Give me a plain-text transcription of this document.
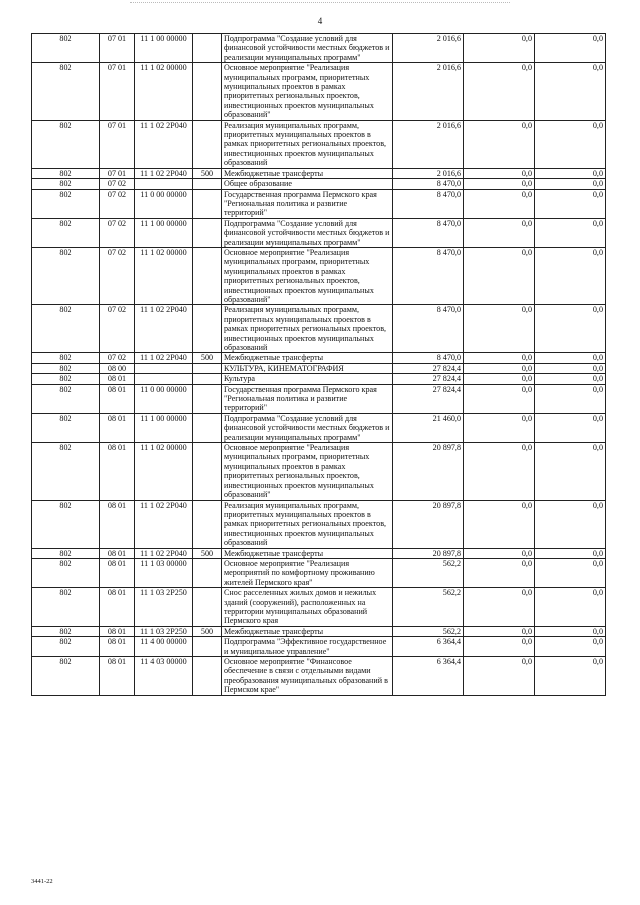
4
802	07 01	11 1 00 00000		Подпрограмма "Создание условий для финансовой устойчивости местных бюджетов и реализации муниципальных программ"	2 016,6	0,0	0,0
802	07 01	11 1 02 00000		Основное мероприятие "Реализация муниципальных программ, приоритетных муниципальных проектов в рамках приоритетных региональных проектов, инвестиционных проектов муниципальных образований"	2 016,6	0,0	0,0
802	07 01	11 1 02 2P040		Реализация муниципальных программ, приоритетных муниципальных проектов в рамках приоритетных региональных проектов, инвестиционных проектов муниципальных образований	2 016,6	0,0	0,0
802	07 01	11 1 02 2P040	500	Межбюджетные трансферты	2 016,6	0,0	0,0
802	07 02			Общее образование	8 470,0	0,0	0,0
802	07 02	11 0 00 00000		Государственная программа Пермского края "Региональная политика и развитие территорий"	8 470,0	0,0	0,0
802	07 02	11 1 00 00000		Подпрограмма "Создание условий для финансовой устойчивости местных бюджетов и реализации муниципальных программ"	8 470,0	0,0	0,0
802	07 02	11 1 02 00000		Основное мероприятие "Реализация муниципальных программ, приоритетных муниципальных проектов в рамках приоритетных региональных проектов, инвестиционных проектов муниципальных образований"	8 470,0	0,0	0,0
802	07 02	11 1 02 2P040		Реализация муниципальных программ, приоритетных муниципальных проектов в рамках приоритетных региональных проектов, инвестиционных проектов муниципальных образований	8 470,0	0,0	0,0
802	07 02	11 1 02 2P040	500	Межбюджетные трансферты	8 470,0	0,0	0,0
802	08 00			КУЛЬТУРА, КИНЕМАТОГРАФИЯ	27 824,4	0,0	0,0
802	08 01			Культура	27 824,4	0,0	0,0
802	08 01	11 0 00 00000		Государственная программа Пермского края "Региональная политика и развитие территорий"	27 824,4	0,0	0,0
802	08 01	11 1 00 00000		Подпрограмма "Создание условий для финансовой устойчивости местных бюджетов и реализации муниципальных программ"	21 460,0	0,0	0,0
802	08 01	11 1 02 00000		Основное мероприятие "Реализация муниципальных программ, приоритетных муниципальных проектов в рамках приоритетных региональных проектов, инвестиционных проектов муниципальных образований"	20 897,8	0,0	0,0
802	08 01	11 1 02 2P040		Реализация муниципальных программ, приоритетных муниципальных проектов в рамках приоритетных региональных проектов, инвестиционных проектов муниципальных образований	20 897,8	0,0	0,0
802	08 01	11 1 02 2P040	500	Межбюджетные трансферты	20 897,8	0,0	0,0
802	08 01	11 1 03 00000		Основное мероприятие "Реализация мероприятий по комфортному проживанию жителей Пермского края"	562,2	0,0	0,0
802	08 01	11 1 03 2P250		Снос расселенных жилых домов и нежилых зданий (сооружений), расположенных на территории муниципальных образований Пермского края	562,2	0,0	0,0
802	08 01	11 1 03 2P250	500	Межбюджетные трансферты	562,2	0,0	0,0
802	08 01	11 4 00 00000		Подпрограмма "Эффективное государственное и муниципальное управление"	6 364,4	0,0	0,0
802	08 01	11 4 03 00000		Основное мероприятие "Финансовое обеспечение в связи с отдельными видами преобразования муниципальных образований в Пермском крае"	6 364,4	0,0	0,0
3441-22
